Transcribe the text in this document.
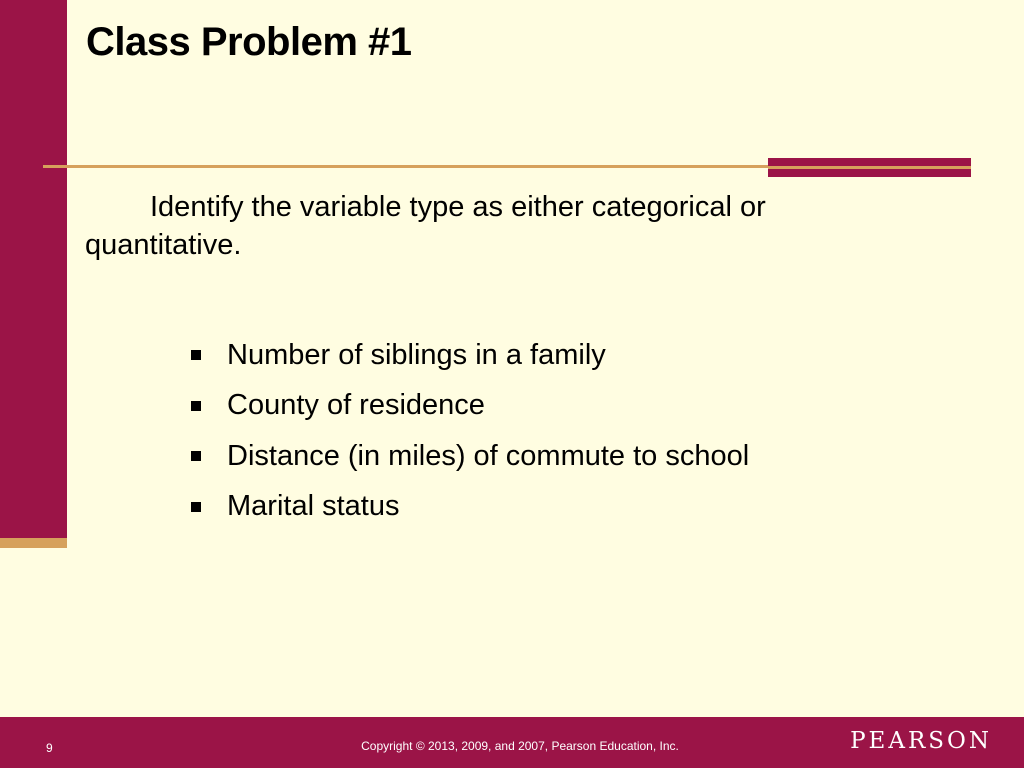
Class Problem #1

Identify the variable type as either categorical or quantitative.

Number of siblings in a family
County of residence
Distance (in miles) of commute to school
Marital status
9	Copyright © 2013, 2009, and 2007, Pearson Education, Inc.	PEARSON
